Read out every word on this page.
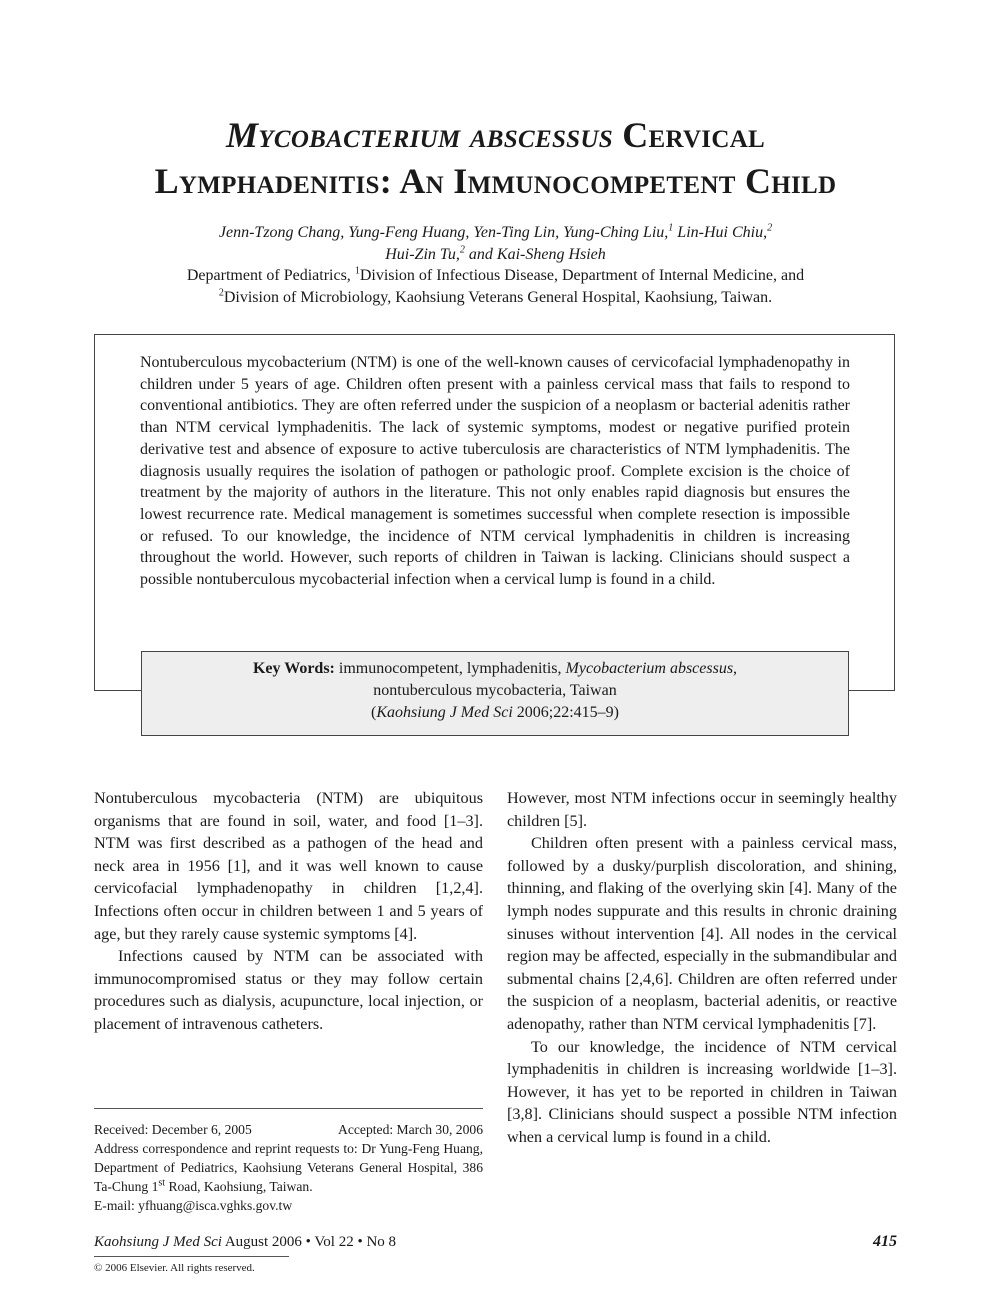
Mycobacterium abscessus Cervical
Lymphadenitis: An Immunocompetent Child
Jenn-Tzong Chang, Yung-Feng Huang, Yen-Ting Lin, Yung-Ching Liu,$^1$ Lin-Hui Chiu,$^2$
Hui-Zin Tu,$^2$ and Kai-Sheng Hsieh
Department of Pediatrics, $^1$Division of Infectious Disease, Department of Internal Medicine, and
$^2$Division of Microbiology, Kaohsiung Veterans General Hospital, Kaohsiung, Taiwan.
Nontuberculous mycobacterium (NTM) is one of the well-known causes of cervicofacial lymphadenopathy in children under 5 years of age. Children often present with a painless cervical mass that fails to respond to conventional antibiotics. They are often referred under the suspicion of a neoplasm or bacterial adenitis rather than NTM cervical lymphadenitis. The lack of systemic symptoms, modest or negative purified protein derivative test and absence of exposure to active tuberculosis are characteristics of NTM lymphadenitis. The diagnosis usually requires the isolation of pathogen or pathologic proof. Complete excision is the choice of treatment by the majority of authors in the literature. This not only enables rapid diagnosis but ensures the lowest recurrence rate. Medical management is sometimes successful when complete resection is impossible or refused. To our knowledge, the incidence of NTM cervical lymphadenitis in children is increasing throughout the world. However, such reports of children in Taiwan is lacking. Clinicians should suspect a possible nontuberculous mycobacterial infection when a cervical lump is found in a child.
Key Words: immunocompetent, lymphadenitis, Mycobacterium abscessus,
nontuberculous mycobacteria, Taiwan
(Kaohsiung J Med Sci 2006;22:415–9)

Nontuberculous mycobacteria (NTM) are ubiquitous organisms that are found in soil, water, and food [1–3]. NTM was first described as a pathogen of the head and neck area in 1956 [1], and it was well known to cause cervicofacial lymphadenopathy in children [1,2,4]. Infections often occur in children between 1 and 5 years of age, but they rarely cause systemic symptoms [4].

Infections caused by NTM can be associated with immunocompromised status or they may follow certain procedures such as dialysis, acupuncture, local injection, or placement of intravenous catheters.

However, most NTM infections occur in seemingly healthy children [5].

Children often present with a painless cervical mass, followed by a dusky/purplish discoloration, and shining, thinning, and flaking of the overlying skin [4]. Many of the lymph nodes suppurate and this results in chronic draining sinuses without intervention [4]. All nodes in the cervical region may be affected, especially in the submandibular and submental chains [2,4,6]. Children are often referred under the suspicion of a neoplasm, bacterial adenitis, or reactive adenopathy, rather than NTM cervical lymphadenitis [7].

To our knowledge, the incidence of NTM cervical lymphadenitis in children is increasing worldwide [1–3]. However, it has yet to be reported in children in Taiwan [3,8]. Clinicians should suspect a possible NTM infection when a cervical lump is found in a child.

Received: December 6, 2005	Accepted: March 30, 2006
Address correspondence and reprint requests to: Dr Yung-Feng Huang, Department of Pediatrics, Kaohsiung Veterans General Hospital, 386 Ta-Chung 1st Road, Kaohsiung, Taiwan.
E-mail: yfhuang@isca.vghks.gov.tw
Kaohsiung J Med Sci August 2006 • Vol 22 • No 8	415
© 2006 Elsevier. All rights reserved.
